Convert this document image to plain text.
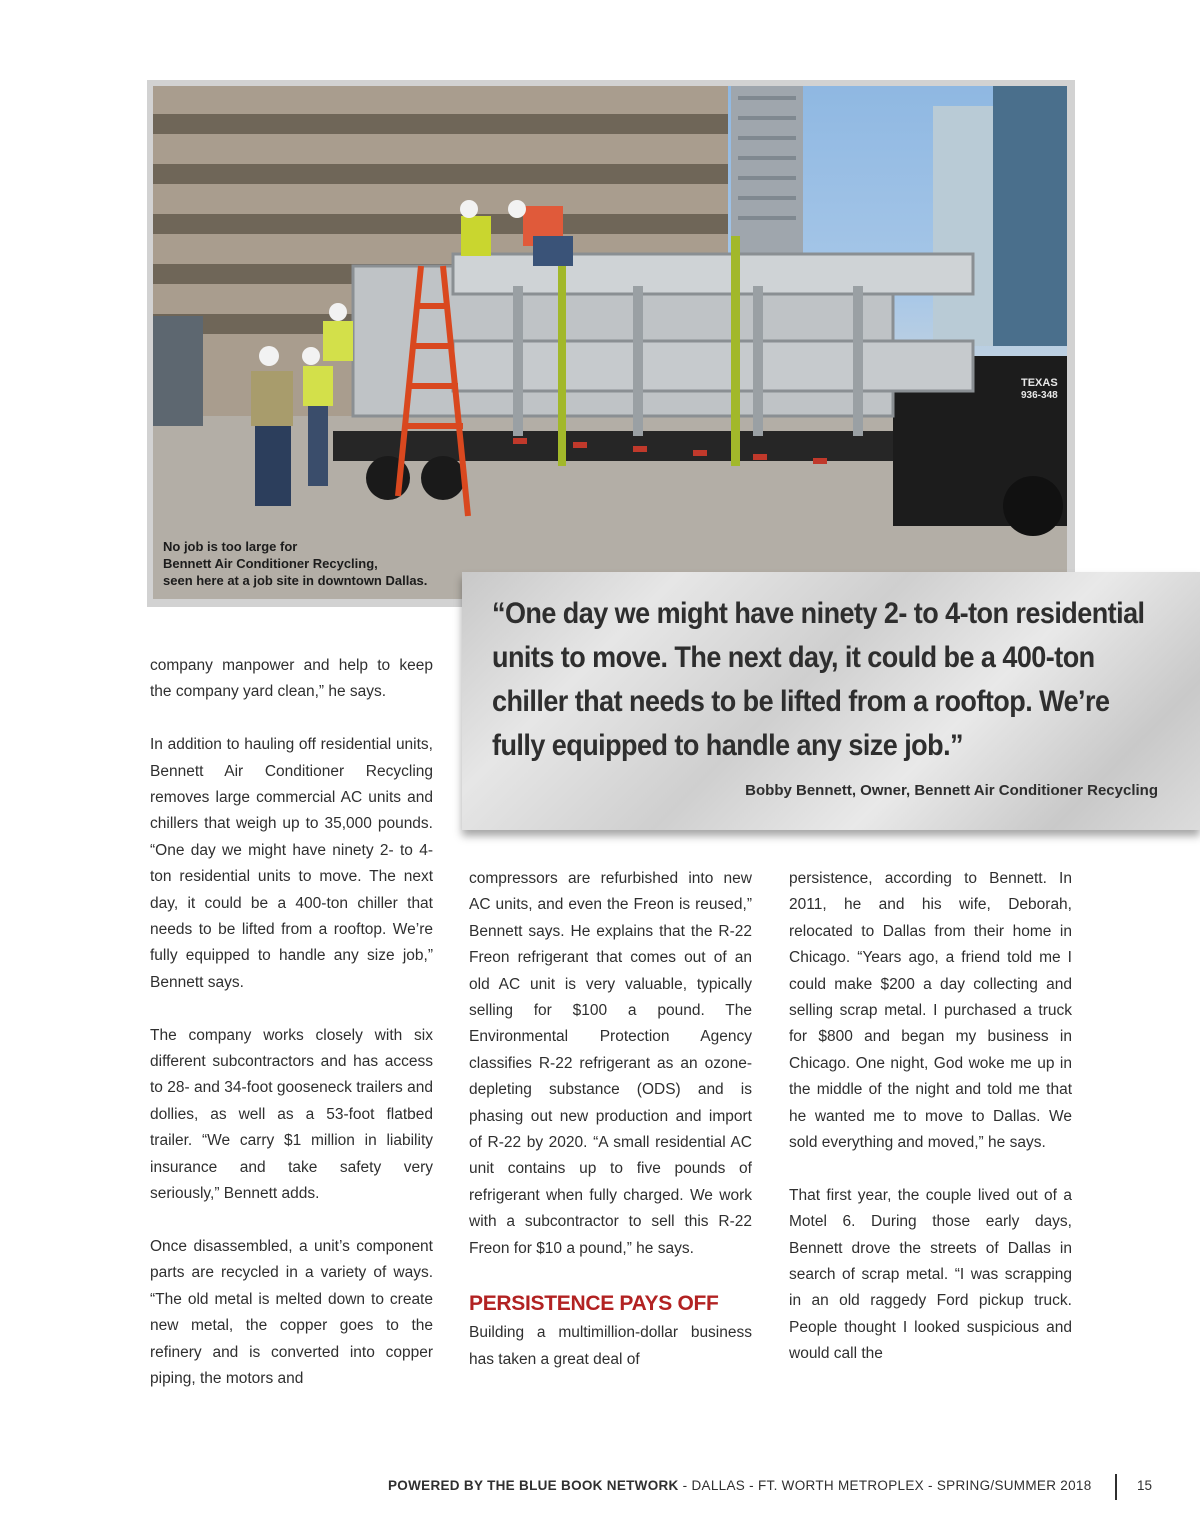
TEXAS
936-348
No job is too large for
Bennett Air Conditioner Recycling,
seen here at a job site in downtown Dallas.
“One day we might have ninety 2- to 4-ton residential units to move. The next day, it could be a 400-ton chiller that needs to be lifted from a rooftop. We’re fully equipped to handle any size job.”
Bobby Bennett, Owner, Bennett Air Conditioner Recycling

company manpower and help to keep the company yard clean,” he says.

In addition to hauling off residential units, Bennett Air Conditioner Recycling removes large commercial AC units and chillers that weigh up to 35,000 pounds. “One day we might have ninety 2- to 4-ton residential units to move. The next day, it could be a 400-ton chiller that needs to be lifted from a rooftop. We’re fully equipped to handle any size job,” Bennett says.

The company works closely with six different subcontractors and has access to 28- and 34-foot gooseneck trailers and dollies, as well as a 53-foot flatbed trailer. “We carry $1 million in liability insurance and take safety very seriously,” Bennett adds.

Once disassembled, a unit’s component parts are recycled in a variety of ways. “The old metal is melted down to create new metal, the copper goes to the refinery and is converted into copper piping, the motors and

compressors are refurbished into new AC units, and even the Freon is reused,” Bennett says. He explains that the R-22 Freon refrigerant that comes out of an old AC unit is very valuable, typically selling for $100 a pound. The Environmental Protection Agency classifies R-22 refrigerant as an ozone-depleting substance (ODS) and is phasing out new production and import of R-22 by 2020. “A small residential AC unit contains up to five pounds of refrigerant when fully charged. We work with a subcontractor to sell this R-22 Freon for $10 a pound,” he says.

PERSISTENCE PAYS OFF

Building a multimillion-dollar business has taken a great deal of

persistence, according to Bennett. In 2011, he and his wife, Deborah, relocated to Dallas from their home in Chicago. “Years ago, a friend told me I could make $200 a day collecting and selling scrap metal. I purchased a truck for $800 and began my business in Chicago. One night, God woke me up in the middle of the night and told me that he wanted me to move to Dallas. We sold everything and moved,” he says.

That first year, the couple lived out of a Motel 6. During those early days, Bennett drove the streets of Dallas in search of scrap metal. “I was scrapping in an old raggedy Ford pickup truck. People thought I looked suspicious and would call the

POWERED BY THE BLUE BOOK NETWORK - DALLAS - FT. WORTH METROPLEX - SPRING/SUMMER 2018	15
